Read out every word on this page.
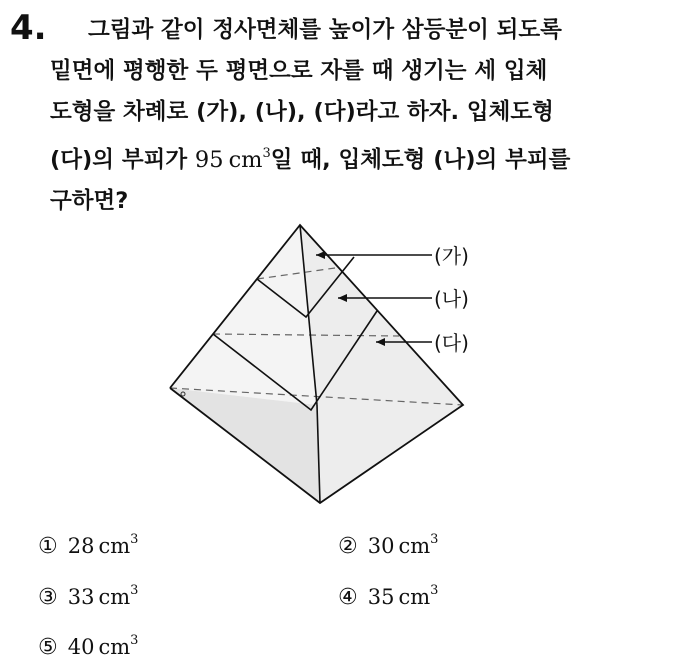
4.	그림과 같이 정사면체를 높이가 삼등분이 되도록
밑면에 평행한 두 평면으로 자를 때 생기는 세 입체
도형을 차례로 (가), (나), (다)라고 하자. 입체도형
(다)의 부피가 95 $cm^3$일 때, 입체도형 (나)의 부피를
구하면?
(가)
(나)
(다)
① 28 $cm^3$	② 30 $cm^3$
③ 33 $cm^3$	④ 35 $cm^3$
⑤ 40 $cm^3$
